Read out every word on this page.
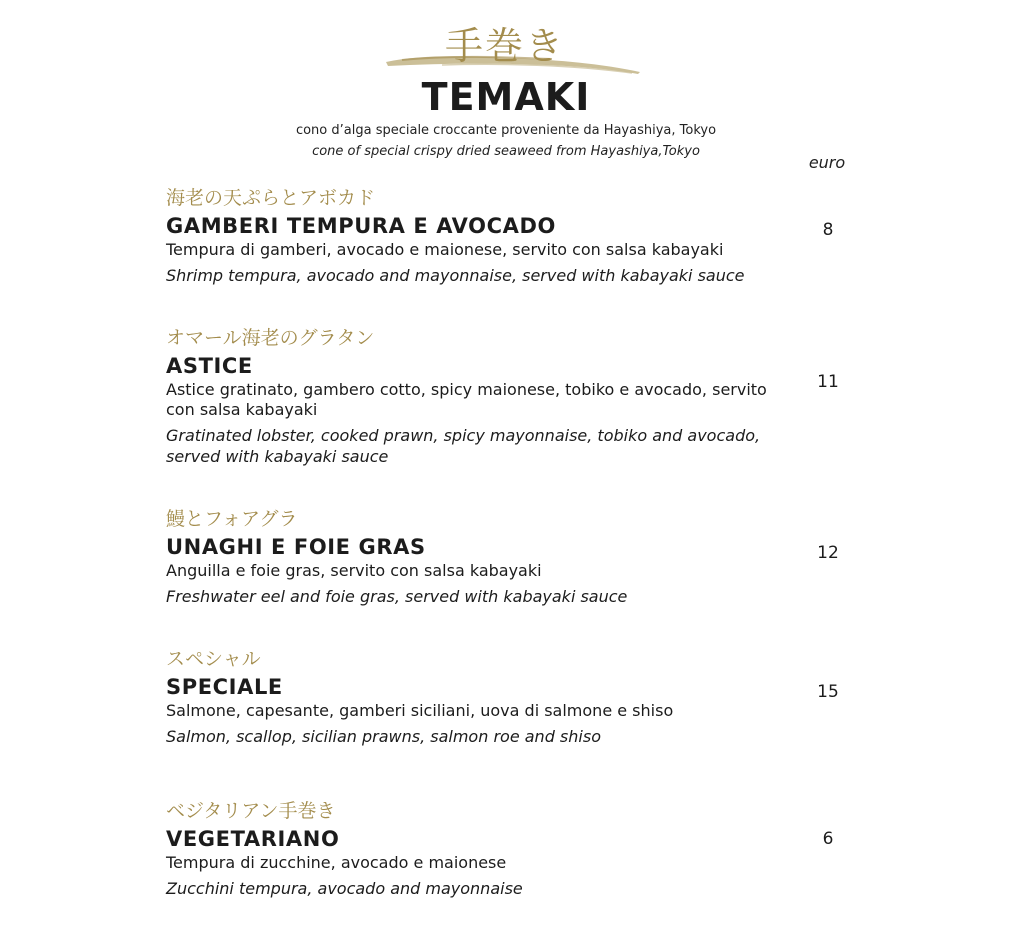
手巻き
TEMAKI
cono d’alga speciale croccante proveniente da Hayashiya, Tokyo
cone of special crispy dried seaweed from Hayashiya,Tokyo
euro
海老の天ぷらとアボカド
GAMBERI TEMPURA E AVOCADO
Tempura di gamberi, avocado e maionese, servito con salsa kabayaki
Shrimp tempura, avocado and mayonnaise, served with kabayaki sauce
8
オマール海老のグラタン
ASTICE
Astice gratinato, gambero cotto, spicy maionese, tobiko e avocado, servito con salsa kabayaki
Gratinated lobster, cooked prawn, spicy mayonnaise, tobiko and avocado, served with kabayaki sauce
11
鰻とフォアグラ
UNAGHI E FOIE GRAS
Anguilla e foie gras, servito con salsa kabayaki
Freshwater eel and foie gras, served with kabayaki sauce
12
スペシャル
SPECIALE
Salmone, capesante, gamberi siciliani, uova di salmone e shiso
Salmon, scallop, sicilian prawns, salmon roe and shiso
15
ベジタリアン手巻き
VEGETARIANO
Tempura di zucchine, avocado e maionese
Zucchini tempura, avocado and mayonnaise
6
